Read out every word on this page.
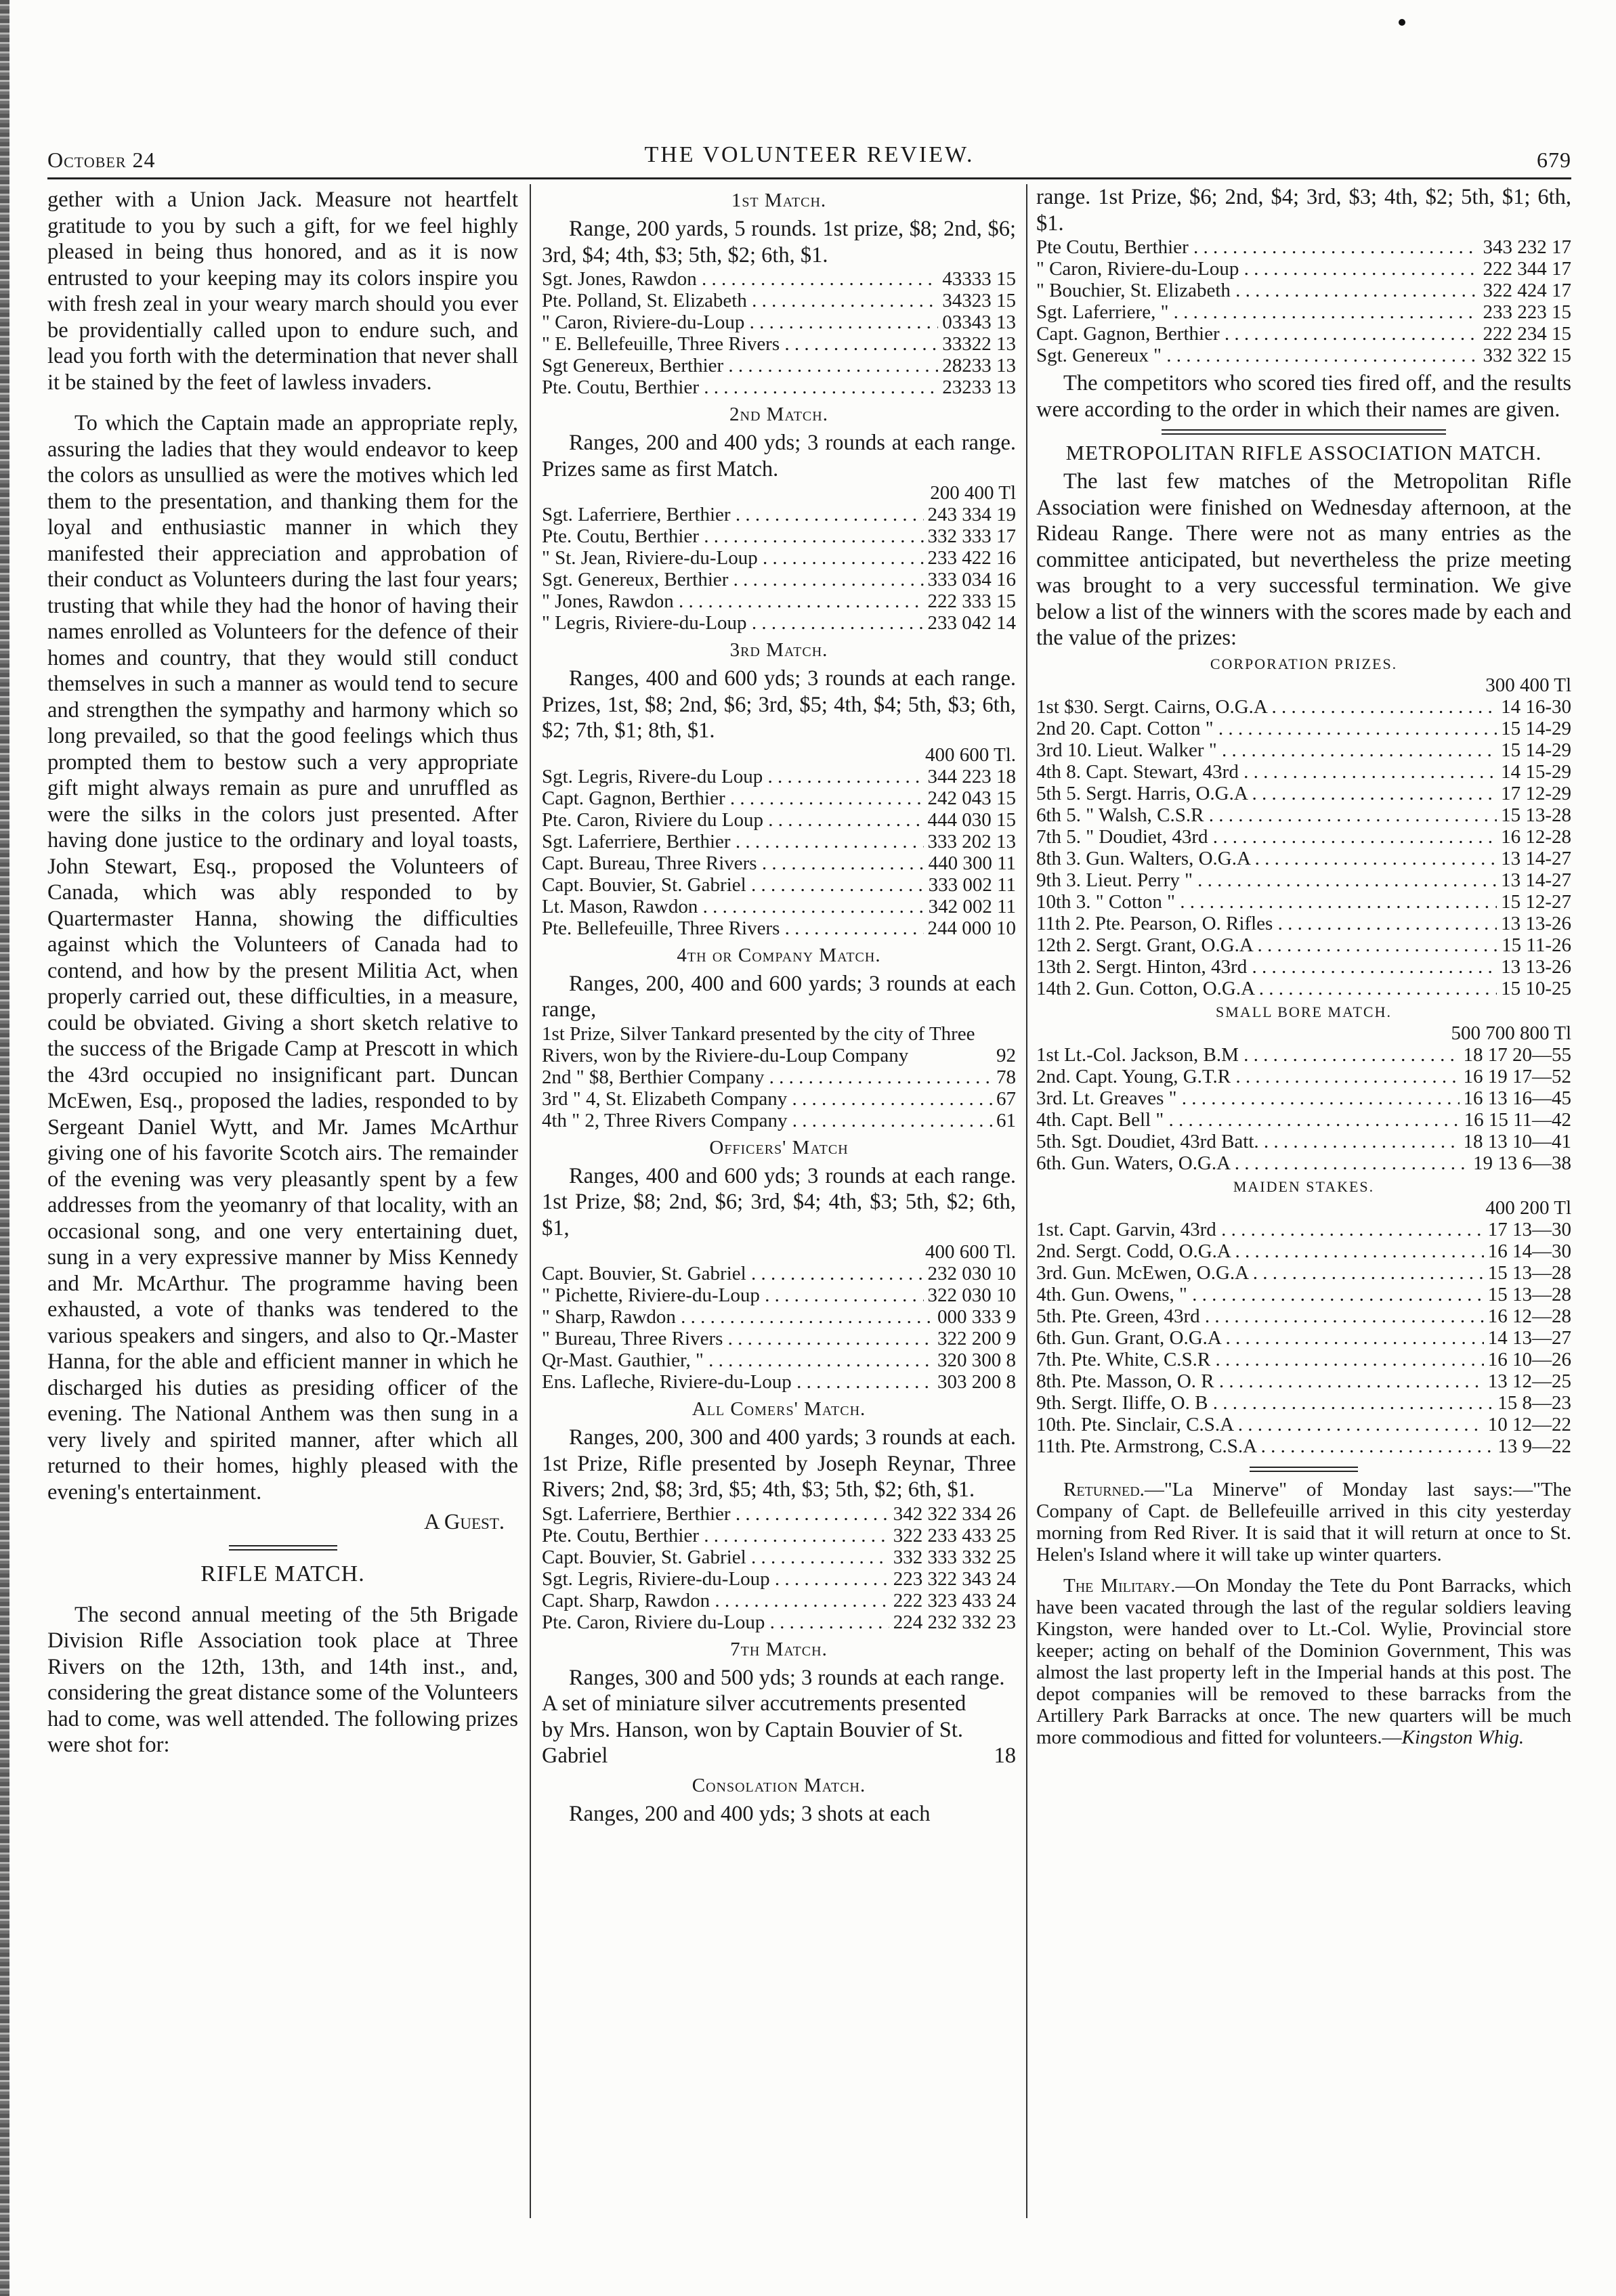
October 24	THE VOLUNTEER REVIEW.	679

gether with a Union Jack. Measure not heartfelt gratitude to you by such a gift, for we feel highly pleased in being thus honored, and as it is now entrusted to your keeping may its colors inspire you with fresh zeal in your weary march should you ever be providentially called upon to endure such, and lead you forth with the determination that never shall it be stained by the feet of lawless invaders.

To which the Captain made an appropriate reply, assuring the ladies that they would endeavor to keep the colors as unsullied as were the motives which led them to the presentation, and thanking them for the loyal and enthusiastic manner in which they manifested their appreciation and approbation of their conduct as Volunteers during the last four years; trusting that while they had the honor of having their names enrolled as Volunteers for the defence of their homes and country, that they would still conduct themselves in such a manner as would tend to secure and strengthen the sympathy and harmony which so long prevailed, so that the good feelings which thus prompted them to bestow such a very appropriate gift might always remain as pure and unruffled as were the silks in the colors just presented. After having done justice to the ordinary and loyal toasts, John Stewart, Esq., proposed the Volunteers of Canada, which was ably responded to by Quartermaster Hanna, showing the difficulties against which the Volunteers of Canada had to contend, and how by the present Militia Act, when properly carried out, these difficulties, in a measure, could be obviated. Giving a short sketch relative to the success of the Brigade Camp at Prescott in which the 43rd occupied no insignificant part. Duncan McEwen, Esq., proposed the ladies, responded to by Sergeant Daniel Wytt, and Mr. James McArthur giving one of his favorite Scotch airs. The remainder of the evening was very pleasantly spent by a few addresses from the yeomanry of that locality, with an occasional song, and one very entertaining duet, sung in a very expressive manner by Miss Kennedy and Mr. McArthur. The programme having been exhausted, a vote of thanks was tendered to the various speakers and singers, and also to Qr.-Master Hanna, for the able and efficient manner in which he discharged his duties as presiding officer of the evening. The National Anthem was then sung in a very lively and spirited manner, after which all returned to their homes, highly pleased with the evening's entertainment.

A Guest.

RIFLE MATCH.

The second annual meeting of the 5th Brigade Division Rifle Association took place at Three Rivers on the 12th, 13th, and 14th inst., and, considering the great distance some of the Volunteers had to come, was well attended. The following prizes were shot for:

1st Match.

Range, 200 yards, 5 rounds. 1st prize, $8; 2nd, $6; 3rd, $4; 4th, $3; 5th, $2; 6th, $1.

Sgt. Jones, Rawdon . . .	43333 15
Pte. Polland, St. Elizabeth . . .	34323 15
" Caron, Riviere-du-Loup . . .	03343 13
" E. Bellefeuille, Three Rivers . . .	33322 13
Sgt Genereux, Berthier . . .	28233 13
Pte. Coutu, Berthier . . .	23233 13
2nd Match.

Ranges, 200 and 400 yds; 3 rounds at each range. Prizes same as first Match.

200 400 Tl
Sgt. Laferriere, Berthier . . .	243 334 19
Pte. Coutu, Berthier . . .	332 333 17
" St. Jean, Riviere-du-Loup . . .	233 422 16
Sgt. Genereux, Berthier . . .	333 034 16
" Jones, Rawdon . . .	222 333 15
" Legris, Riviere-du-Loup . . .	233 042 14
3rd Match.

Ranges, 400 and 600 yds; 3 rounds at each range. Prizes, 1st, $8; 2nd, $6; 3rd, $5; 4th, $4; 5th, $3; 6th, $2; 7th, $1; 8th, $1.

400 600 Tl.
Sgt. Legris, Rivere-du Loup . . .	344 223 18
Capt. Gagnon, Berthier . . .	242 043 15
Pte. Caron, Riviere du Loup . . .	444 030 15
Sgt. Laferriere, Berthier . . .	333 202 13
Capt. Bureau, Three Rivers . . .	440 300 11
Capt. Bouvier, St. Gabriel . . .	333 002 11
Lt. Mason, Rawdon . . .	342 002 11
Pte. Bellefeuille, Three Rivers . . .	244 000 10
4th or Company Match.

Ranges, 200, 400 and 600 yards; 3 rounds at each range,

1st Prize, Silver Tankard presented by the city of Three Rivers, won by the Riviere-du-Loup Company	92
2nd " $8, Berthier Company . . .	78
3rd " 4, St. Elizabeth Company . . .	67
4th " 2, Three Rivers Company . . .	61
Officers' Match

Ranges, 400 and 600 yds; 3 rounds at each range. 1st Prize, $8; 2nd, $6; 3rd, $4; 4th, $3; 5th, $2; 6th, $1,

400 600 Tl.
Capt. Bouvier, St. Gabriel . . .	232 030 10
" Pichette, Riviere-du-Loup . . .	322 030 10
" Sharp, Rawdon . . .	000 333 9
" Bureau, Three Rivers . . .	322 200 9
Qr-Mast. Gauthier, " . . .	320 300 8
Ens. Lafleche, Riviere-du-Loup . . .	303 200 8
All Comers' Match.

Ranges, 200, 300 and 400 yards; 3 rounds at each. 1st Prize, Rifle presented by Joseph Reynar, Three Rivers; 2nd, $8; 3rd, $5; 4th, $3; 5th, $2; 6th, $1.

Sgt. Laferriere, Berthier . . .	342 322 334 26
Pte. Coutu, Berthier . . .	322 233 433 25
Capt. Bouvier, St. Gabriel . . .	332 333 332 25
Sgt. Legris, Riviere-du-Loup . . .	223 322 343 24
Capt. Sharp, Rawdon . . .	222 323 433 24
Pte. Caron, Riviere du-Loup . . .	224 232 332 23
7th Match.

Ranges, 300 and 500 yds; 3 rounds at each range.

A set of miniature silver accutrements presented by Mrs. Hanson, won by Captain Bouvier of St. Gabriel	18
Consolation Match.

Ranges, 200 and 400 yds; 3 shots at each

range. 1st Prize, $6; 2nd, $4; 3rd, $3; 4th, $2; 5th, $1; 6th, $1.

Pte Coutu, Berthier . . .	343 232 17
" Caron, Riviere-du-Loup . . .	222 344 17
" Bouchier, St. Elizabeth . . .	322 424 17
Sgt. Laferriere, " . . .	233 223 15
Capt. Gagnon, Berthier . . .	222 234 15
Sgt. Genereux " . . .	332 322 15

The competitors who scored ties fired off, and the results were according to the order in which their names are given.

METROPOLITAN RIFLE ASSOCIATION MATCH.

The last few matches of the Metropolitan Rifle Association were finished on Wednesday afternoon, at the Rideau Range. There were not as many entries as the committee anticipated, but nevertheless the prize meeting was brought to a very successful termination. We give below a list of the winners with the scores made by each and the value of the prizes:

CORPORATION PRIZES.
300 400 Tl
1st $30. Sergt. Cairns, O.G.A . . .	14 16-30
2nd 20. Capt. Cotton " . . .	15 14-29
3rd 10. Lieut. Walker " . . .	15 14-29
4th 8. Capt. Stewart, 43rd . . .	14 15-29
5th 5. Sergt. Harris, O.G.A . . .	17 12-29
6th 5. " Walsh, C.S.R . . .	15 13-28
7th 5. " Doudiet, 43rd . . .	16 12-28
8th 3. Gun. Walters, O.G.A . . .	13 14-27
9th 3. Lieut. Perry " . . .	13 14-27
10th 3. " Cotton " . . .	15 12-27
11th 2. Pte. Pearson, O. Rifles . . .	13 13-26
12th 2. Sergt. Grant, O.G.A . . .	15 11-26
13th 2. Sergt. Hinton, 43rd . . .	13 13-26
14th 2. Gun. Cotton, O.G.A . . .	15 10-25
SMALL BORE MATCH.
500 700 800 Tl
1st Lt.-Col. Jackson, B.M . . .	18 17 20—55
2nd. Capt. Young, G.T.R . . .	16 19 17—52
3rd. Lt. Greaves " . . .	16 13 16—45
4th. Capt. Bell " . . .	16 15 11—42
5th. Sgt. Doudiet, 43rd Batt. . . .	18 13 10—41
6th. Gun. Waters, O.G.A . . .	19 13 6—38
MAIDEN STAKES.
400 200 Tl
1st. Capt. Garvin, 43rd . . .	17 13—30
2nd. Sergt. Codd, O.G.A . . .	16 14—30
3rd. Gun. McEwen, O.G.A . . .	15 13—28
4th. Gun. Owens, " . . .	15 13—28
5th. Pte. Green, 43rd . . .	16 12—28
6th. Gun. Grant, O.G.A . . .	14 13—27
7th. Pte. White, C.S.R . . .	16 10—26
8th. Pte. Masson, O. R . . .	13 12—25
9th. Sergt. Iliffe, O. B . . .	15 8—23
10th. Pte. Sinclair, C.S.A . . .	10 12—22
11th. Pte. Armstrong, C.S.A . . .	13 9—22

Returned.—"La Minerve" of Monday last says:—"The Company of Capt. de Bellefeuille arrived in this city yesterday morning from Red River. It is said that it will return at once to St. Helen's Island where it will take up winter quarters.

The Military.—On Monday the Tete du Pont Barracks, which have been vacated through the last of the regular soldiers leaving Kingston, were handed over to Lt.-Col. Wylie, Provincial store keeper; acting on behalf of the Dominion Government, This was almost the last property left in the Imperial hands at this post. The depot companies will be removed to these barracks from the Artillery Park Barracks at once. The new quarters will be much more commodious and fitted for volunteers.—Kingston Whig.
